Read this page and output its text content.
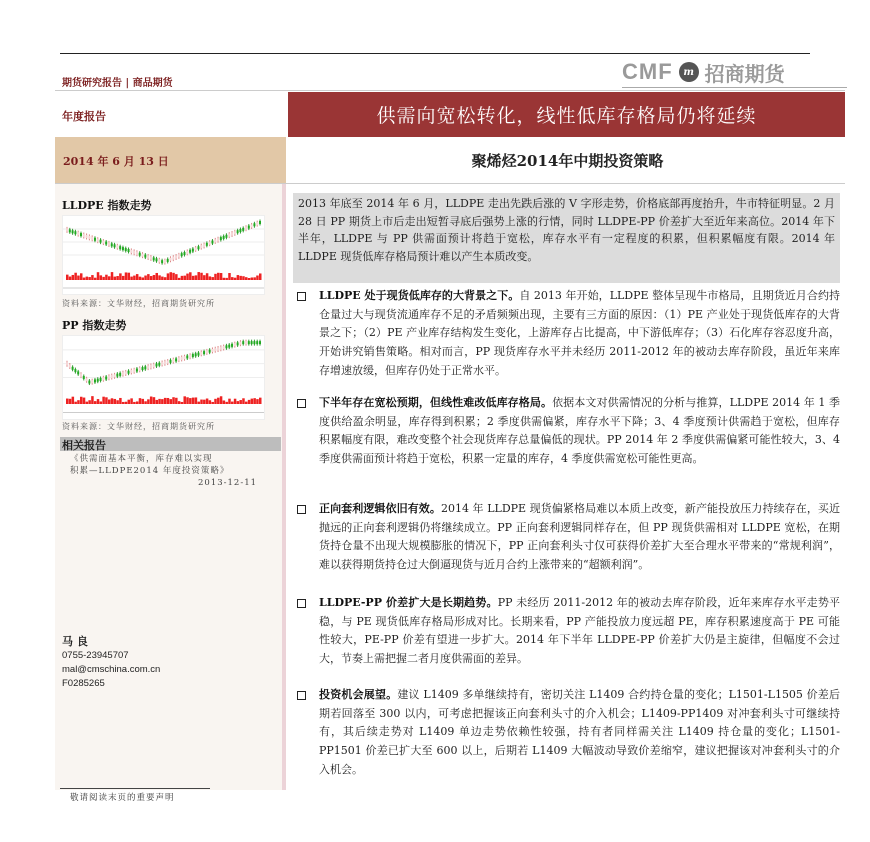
期货研究报告 | 商品期货	CMF	m 招商期货
年度报告	供需向宽松转化，线性低库存格局仍将延续
2014 年 6 月 13 日	聚烯烃2014年中期投资策略
LLDPE 指数走势
资料来源：文华财经，招商期货研究所
PP 指数走势
资料来源：文华财经，招商期货研究所
相关报告
《供需面基本平衡，库存难以实现
积累—LLDPE2014 年度投资策略》
2013-12-11
马 良
0755-23945707
mal@cmschina.com.cn
F0285265
2013 年底至 2014 年 6 月，LLDPE 走出先跌后涨的 V 字形走势，价格底部再度抬升，牛市特征明显。2 月 28 日 PP 期货上市后走出短暂寻底后强势上涨的行情，同时 LLDPE-PP 价差扩大至近年来高位。2014 年下半年，LLDPE 与 PP 供需面预计将趋于宽松，库存水平有一定程度的积累，但积累幅度有限。2014 年 LLDPE 现货低库存格局预计难以产生本质改变。
LLDPE 处于现货低库存的大背景之下。自 2013 年开始，LLDPE 整体呈现牛市格局，且期货近月合约持仓量过大与现货流通库存不足的矛盾频频出现，主要有三方面的原因：（1）PE 产业处于现货低库存的大背景之下；（2）PE 产业库存结构发生变化，上游库存占比提高，中下游低库存；（3）石化库存容忍度升高，开始讲究销售策略。相对而言，PP 现货库存水平并未经历 2011-2012 年的被动去库存阶段，虽近年来库存增速放缓，但库存仍处于正常水平。
下半年存在宽松预期，但线性难改低库存格局。依据本文对供需情况的分析与推算，LLDPE 2014 年 1 季度供给盈余明显，库存得到积累；2 季度供需偏紧，库存水平下降；3、4 季度预计供需趋于宽松，但库存积累幅度有限，难改变整个社会现货库存总量偏低的现状。PP 2014 年 2 季度供需偏紧可能性较大，3、4 季度供需面预计将趋于宽松，积累一定量的库存，4 季度供需宽松可能性更高。
正向套利逻辑依旧有效。2014 年 LLDPE 现货偏紧格局难以本质上改变，新产能投放压力持续存在，买近抛远的正向套利逻辑仍将继续成立。PP 正向套利逻辑同样存在，但 PP 现货供需相对 LLDPE 宽松，在期货持仓量不出现大规模膨胀的情况下，PP 正向套利头寸仅可获得价差扩大至合理水平带来的“常规利润”，难以获得期货持仓过大倒逼现货与近月合约上涨带来的“超额利润”。
LLDPE-PP 价差扩大是长期趋势。PP 未经历 2011-2012 年的被动去库存阶段，近年来库存水平走势平稳，与 PE 现货低库存格局形成对比。长期来看，PP 产能投放力度远超 PE，库存积累速度高于 PE 可能性较大，PE-PP 价差有望进一步扩大。2014 年下半年 LLDPE-PP 价差扩大仍是主旋律，但幅度不会过大，节奏上需把握二者月度供需面的差异。
投资机会展望。建议 L1409 多单继续持有，密切关注 L1409 合约持仓量的变化；L1501-L1505 价差后期若回落至 300 以内，可考虑把握该正向套利头寸的介入机会；L1409-PP1409 对冲套利头寸可继续持有，其后续走势对 L1409 单边走势依赖性较强，持有者同样需关注 L1409 持仓量的变化；L1501-PP1501 价差已扩大至 600 以上，后期若 L1409 大幅波动导致价差缩窄，建议把握该对冲套利头寸的介入机会。
敬请阅读末页的重要声明
